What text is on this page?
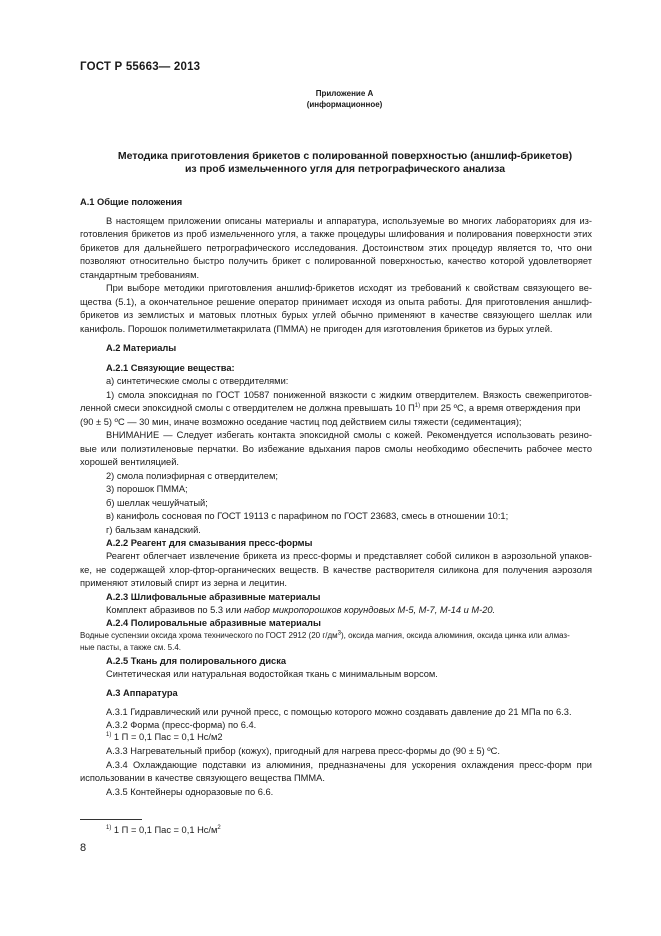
ГОСТ Р 55663— 2013
Приложение А
(информационное)
Методика приготовления брикетов с полированной поверхностью (аншлиф-брикетов)
из проб измельченного угля для петрографического анализа
А.1 Общие положения
В настоящем приложении описаны материалы и аппаратура, используемые во многих лабораториях для из-
готовления брикетов из проб измельченного угля, а также процедуры шлифования и полирования поверхности этих
брикетов для дальнейшего петрографического исследования. Достоинством этих процедур является то, что они
позволяют относительно быстро получить брикет с полированной поверхностью, качество которой удовлетворяет
стандартным требованиям.
При выборе методики приготовления аншлиф-брикетов исходят из требований к свойствам связующего ве-
щества (5.1), а окончательное решение оператор принимает исходя из опыта работы. Для приготовления аншлиф-
брикетов из землистых и матовых плотных бурых углей обычно применяют в качестве связующего шеллак или
канифоль. Порошок полиметилметакрилата (ПММА) не пригоден для изготовления брикетов из бурых углей.
А.2 Материалы
А.2.1 Связующие вещества:
а) синтетические смолы с отвердителями:
1) смола эпоксидная по ГОСТ 10587 пониженной вязкости с жидким отвердителем. Вязкость свежеприготов-
ленной смеси эпоксидной смолы с отвердителем не должна превышать 10 $П^{1)}$ при 25 ºС, а время отверждения при
(90 ± 5) ºС — 30 мин, иначе возможно оседание частиц под действием силы тяжести (седиментация);
ВНИМАНИЕ — Следует избегать контакта эпоксидной смолы с кожей. Рекомендуется использовать резино-
вые или полиэтиленовые перчатки. Во избежание вдыхания паров смолы необходимо обеспечить рабочее место
хорошей вентиляцией.
2) смола полиэфирная с отвердителем;
3) порошок ПММА;
б) шеллак чешуйчатый;
в) канифоль сосновая по ГОСТ 19113 с парафином по ГОСТ 23683, смесь в отношении 10:1;
г) бальзам канадский.
А.2.2 Реагент для смазывания пресс-формы
Реагент облегчает извлечение брикета из пресс-формы и представляет собой силикон в аэрозольной упаков-
ке, не содержащей хлор-фтор-органических веществ. В качестве растворителя силикона для получения аэрозоля
применяют этиловый спирт из зерна и лецитин.
А.2.3 Шлифовальные абразивные материалы
Комплект абразивов по 5.3 или набор микропорошков корундовых М-5, М-7, М-14 и М-20.
А.2.4 Полировальные абразивные материалы
Водные суспензии оксида хрома технического по ГОСТ 2912 (20 $г/дм^3$), оксида магния, оксида алюминия, оксида цинка или алмаз-
ные пасты, а также см. 5.4.
А.2.5 Ткань для полировального диска
Синтетическая или натуральная водостойкая ткань с минимальным ворсом.
А.3 Аппаратура
А.3.1 Гидравлический или ручной пресс, с помощью которого можно создавать давление до 21 МПа по 6.3.
А.3.2 Форма (пресс-форма) по 6.4.
$^{1)}$ 1 П = 0,1 Пас = 0,1 Нс/м2
А.3.3 Нагревательный прибор (кожух), пригодный для нагрева пресс-формы до (90 ± 5) ºС.
А.3.4 Охлаждающие подставки из алюминия, предназначены для ускорения охлаждения пресс-форм при
использовании в качестве связующего вещества ПММА.
А.3.5 Контейнеры одноразовые по 6.6.
$^{1)}$ 1 П = 0,1 Пас = 0,1 $Нс/м^2$
8
